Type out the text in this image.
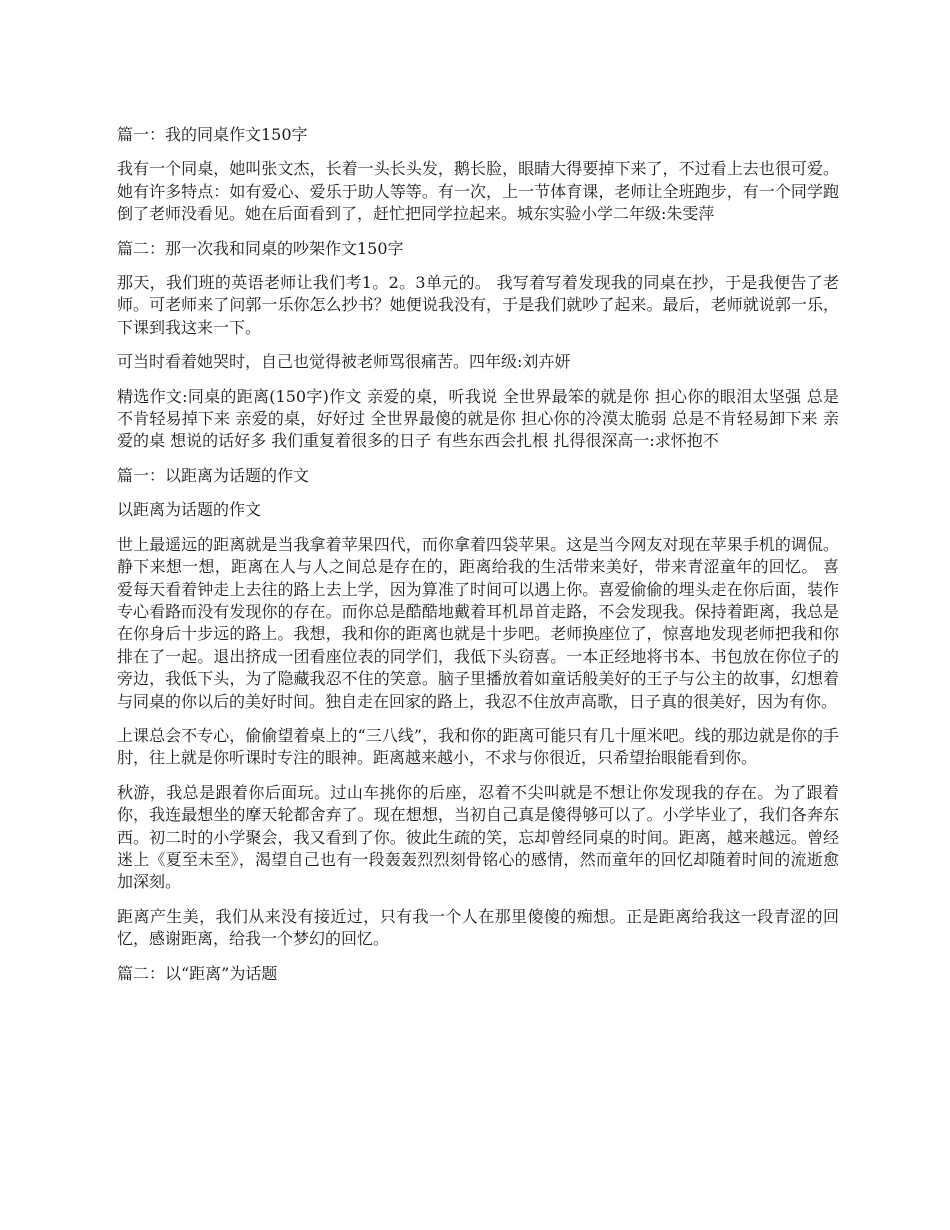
篇一：我的同桌作文150字

我有一个同桌，她叫张文杰，长着一头长头发，鹅长脸，眼睛大得要掉下来了，不过看上去也很可爱。她有许多特点：如有爱心、爱乐于助人等等。有一次，上一节体育课，老师让全班跑步，有一个同学跑倒了老师没看见。她在后面看到了，赶忙把同学拉起来。城东实验小学二年级:朱雯萍

篇二：那一次我和同桌的吵架作文150字

那天，我们班的英语老师让我们考1。2。3单元的。 我写着写着发现我的同桌在抄，于是我便告了老师。可老师来了问郭一乐你怎么抄书？她便说我没有，于是我们就吵了起来。最后，老师就说郭一乐，下课到我这来一下。

可当时看着她哭时，自己也觉得被老师骂很痛苦。四年级:刘卉妍

精选作文:同桌的距离(150字)作文 亲爱的桌，听我说 全世界最笨的就是你 担心你的眼泪太坚强 总是不肯轻易掉下来 亲爱的桌，好好过 全世界最傻的就是你 担心你的冷漠太脆弱 总是不肯轻易卸下来 亲爱的桌 想说的话好多 我们重复着很多的日子 有些东西会扎根 扎得很深高一:求怀抱不

篇一：以距离为话题的作文

以距离为话题的作文

世上最遥远的距离就是当我拿着苹果四代，而你拿着四袋苹果。这是当今网友对现在苹果手机的调侃。静下来想一想，距离在人与人之间总是存在的，距离给我的生活带来美好，带来青涩童年的回忆。 喜爱每天看着钟走上去往的路上去上学，因为算准了时间可以遇上你。喜爱偷偷的埋头走在你后面，装作专心看路而没有发现你的存在。而你总是酷酷地戴着耳机昂首走路，不会发现我。保持着距离，我总是在你身后十步远的路上。我想，我和你的距离也就是十步吧。老师换座位了，惊喜地发现老师把我和你排在了一起。退出挤成一团看座位表的同学们，我低下头窃喜。一本正经地将书本、书包放在你位子的旁边，我低下头，为了隐藏我忍不住的笑意。脑子里播放着如童话般美好的王子与公主的故事，幻想着与同桌的你以后的美好时间。独自走在回家的路上，我忍不住放声高歌，日子真的很美好，因为有你。

上课总会不专心，偷偷望着桌上的“三八线”，我和你的距离可能只有几十厘米吧。线的那边就是你的手肘，往上就是你听课时专注的眼神。距离越来越小，不求与你很近，只希望抬眼能看到你。

秋游，我总是跟着你后面玩。过山车挑你的后座，忍着不尖叫就是不想让你发现我的存在。为了跟着你，我连最想坐的摩天轮都舍弃了。现在想想，当初自己真是傻得够可以了。小学毕业了，我们各奔东西。初二时的小学聚会，我又看到了你。彼此生疏的笑，忘却曾经同桌的时间。距离，越来越远。曾经迷上《夏至未至》，渴望自己也有一段轰轰烈烈刻骨铭心的感情，然而童年的回忆却随着时间的流逝愈加深刻。

距离产生美，我们从来没有接近过，只有我一个人在那里傻傻的痴想。正是距离给我这一段青涩的回忆，感谢距离，给我一个梦幻的回忆。

篇二：以“距离”为话题
